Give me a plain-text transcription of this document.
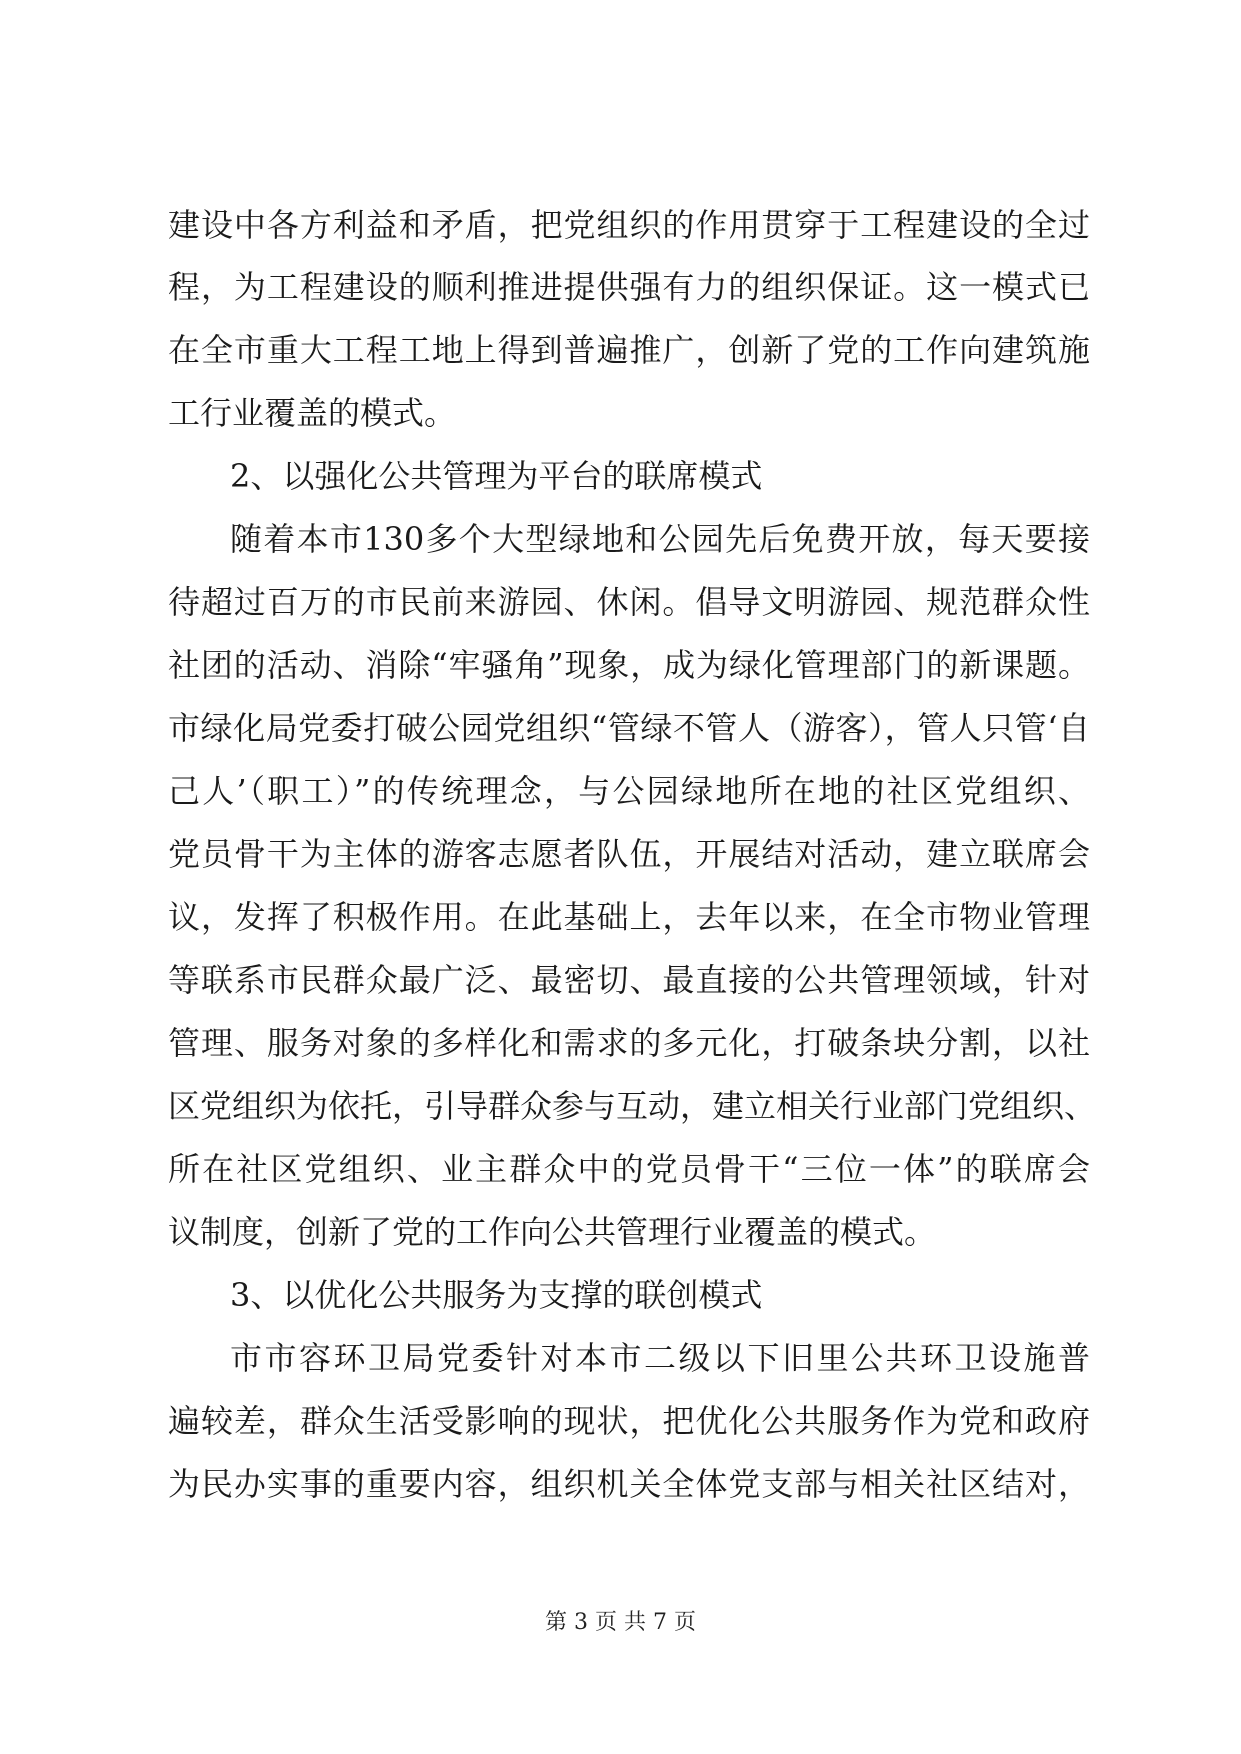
建设中各方利益和矛盾，把党组织的作用贯穿于工程建设的全过
程，为工程建设的顺利推进提供强有力的组织保证。这一模式已
在全市重大工程工地上得到普遍推广，创新了党的工作向建筑施
工行业覆盖的模式。
2、以强化公共管理为平台的联席模式
随着本市130多个大型绿地和公园先后免费开放，每天要接
待超过百万的市民前来游园、休闲。倡导文明游园、规范群众性
社团的活动、消除“牢骚角”现象，成为绿化管理部门的新课题。
市绿化局党委打破公园党组织“管绿不管人（游客），管人只管‘自
己人’（职工）”的传统理念，与公园绿地所在地的社区党组织、
党员骨干为主体的游客志愿者队伍，开展结对活动，建立联席会
议，发挥了积极作用。在此基础上，去年以来，在全市物业管理
等联系市民群众最广泛、最密切、最直接的公共管理领域，针对
管理、服务对象的多样化和需求的多元化，打破条块分割，以社
区党组织为依托，引导群众参与互动，建立相关行业部门党组织、
所在社区党组织、业主群众中的党员骨干“三位一体”的联席会
议制度，创新了党的工作向公共管理行业覆盖的模式。
3、以优化公共服务为支撑的联创模式
市市容环卫局党委针对本市二级以下旧里公共环卫设施普
遍较差，群众生活受影响的现状，把优化公共服务作为党和政府
为民办实事的重要内容，组织机关全体党支部与相关社区结对，
第 3 页 共 7 页
